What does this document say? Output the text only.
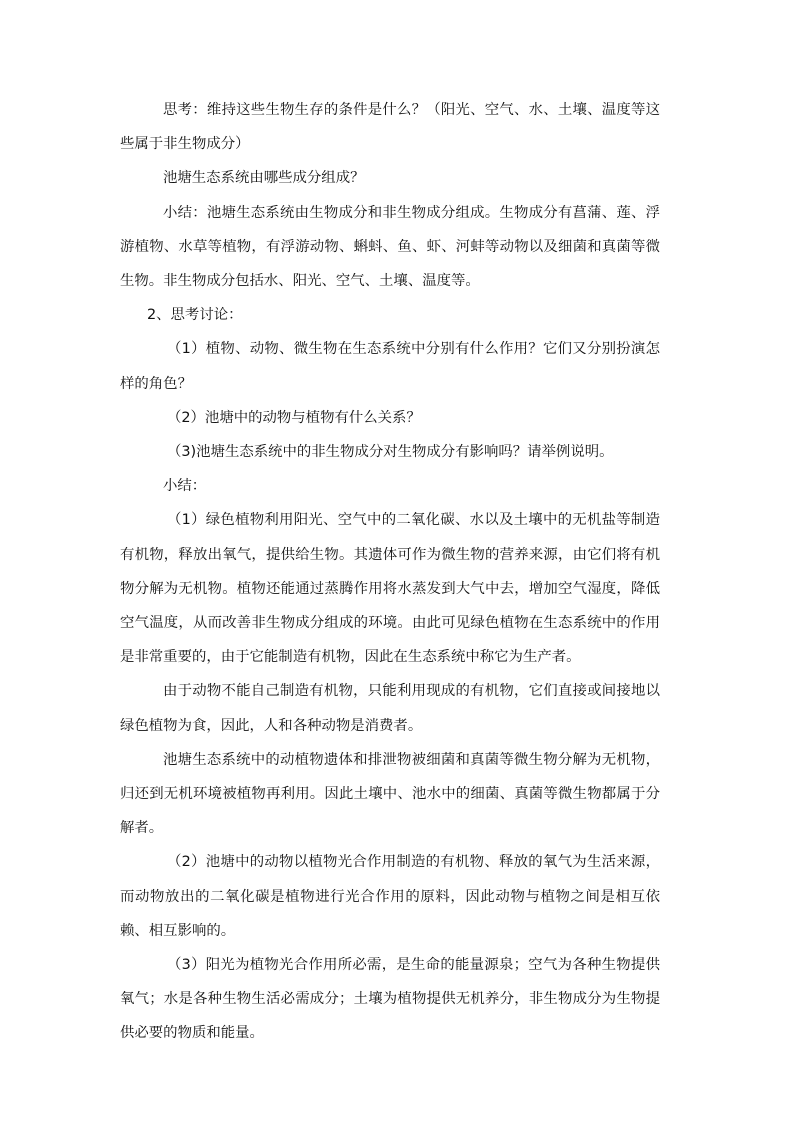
思考：维持这些生物生存的条件是什么？（阳光、空气、水、土壤、温度等这些属于非生物成分）

池塘生态系统由哪些成分组成？

小结：池塘生态系统由生物成分和非生物成分组成。生物成分有菖蒲、莲、浮游植物、水草等植物，有浮游动物、蝌蚪、鱼、虾、河蚌等动物以及细菌和真菌等微生物。非生物成分包括水、阳光、空气、土壤、温度等。

2、思考讨论：

（1）植物、动物、微生物在生态系统中分别有什么作用？它们又分别扮演怎样的角色？

（2）池塘中的动物与植物有什么关系？

（3)池塘生态系统中的非生物成分对生物成分有影响吗？请举例说明。

小结：

（1）绿色植物利用阳光、空气中的二氧化碳、水以及土壤中的无机盐等制造有机物，释放出氧气，提供给生物。其遗体可作为微生物的营养来源，由它们将有机物分解为无机物。植物还能通过蒸腾作用将水蒸发到大气中去，增加空气湿度，降低空气温度，从而改善非生物成分组成的环境。由此可见绿色植物在生态系统中的作用是非常重要的，由于它能制造有机物，因此在生态系统中称它为生产者。

由于动物不能自己制造有机物，只能利用现成的有机物，它们直接或间接地以绿色植物为食，因此，人和各种动物是消费者。

池塘生态系统中的动植物遗体和排泄物被细菌和真菌等微生物分解为无机物，归还到无机环境被植物再利用。因此土壤中、池水中的细菌、真菌等微生物都属于分解者。

（2）池塘中的动物以植物光合作用制造的有机物、释放的氧气为生活来源，而动物放出的二氧化碳是植物进行光合作用的原料，因此动物与植物之间是相互依赖、相互影响的。

（3）阳光为植物光合作用所必需，是生命的能量源泉；空气为各种生物提供氧气；水是各种生物生活必需成分；土壤为植物提供无机养分，非生物成分为生物提供必要的物质和能量。
